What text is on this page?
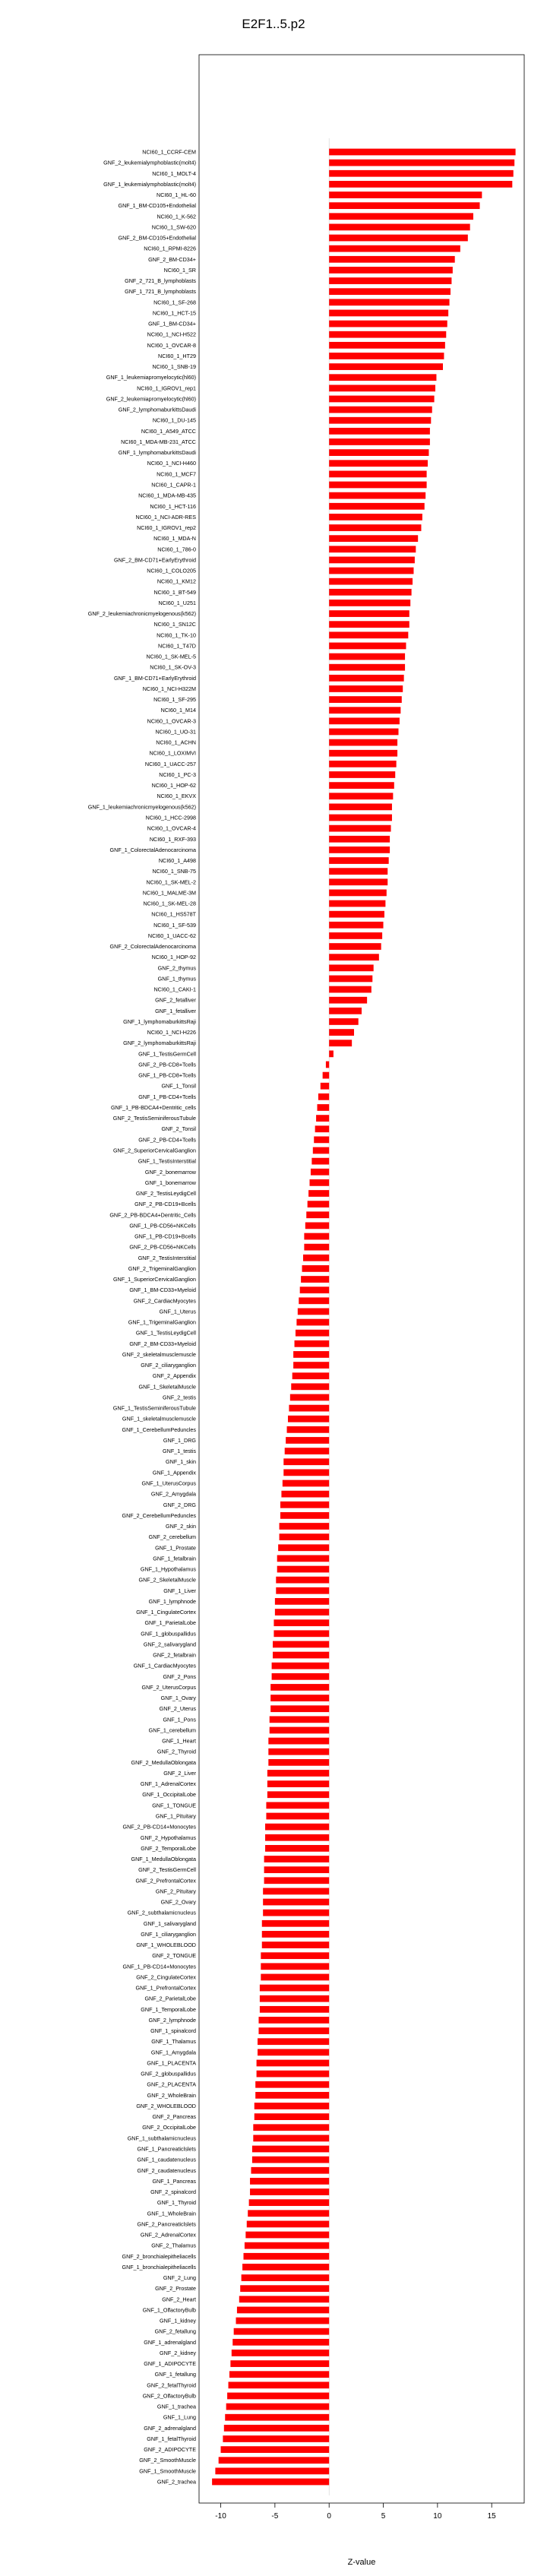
E2F1..5.p2
NCI60_1_CCRF-CEM
GNF_2_leukemialymphoblastic(molt4)
NCI60_1_MOLT-4
GNF_1_leukemialymphoblastic(molt4)
NCI60_1_HL-60
GNF_1_BM-CD105+Endothelial
NCI60_1_K-562
NCI60_1_SW-620
GNF_2_BM-CD105+Endothelial
NCI60_1_RPMI-8226
GNF_2_BM-CD34+
NCI60_1_SR
GNF_2_721_B_lymphoblasts
GNF_1_721_B_lymphoblasts
NCI60_1_SF-268
NCI60_1_HCT-15
GNF_1_BM-CD34+
NCI60_1_NCI-H522
NCI60_1_OVCAR-8
NCI60_1_HT29
NCI60_1_SNB-19
GNF_1_leukemiapromyelocytic(hl60)
NCI60_1_IGROV1_rep1
GNF_2_leukemiapromyelocytic(hl60)
GNF_2_lymphomaburkittsDaudi
NCI60_1_DU-145
NCI60_1_A549_ATCC
NCI60_1_MDA-MB-231_ATCC
GNF_1_lymphomaburkittsDaudi
NCI60_1_NCI-H460
NCI60_1_MCF7
NCI60_1_CAPR-1
NCI60_1_MDA-MB-435
NCI60_1_HCT-116
NCI60_1_NCI-ADR-RES
NCI60_1_IGROV1_rep2
NCI60_1_MDA-N
NCI60_1_786-0
GNF_2_BM-CD71+EarlyErythroid
NCI60_1_COLO205
NCI60_1_KM12
NCI60_1_BT-549
NCI60_1_U251
GNF_2_leukemiachronicmyelogenous(k562)
NCI60_1_SN12C
NCI60_1_TK-10
NCI60_1_T47D
NCI60_1_SK-MEL-5
NCI60_1_SK-OV-3
GNF_1_BM-CD71+EarlyErythroid
NCI60_1_NCI-H322M
NCI60_1_SF-295
NCI60_1_M14
NCI60_1_OVCAR-3
NCI60_1_UO-31
NCI60_1_ACHN
NCI60_1_LOXIMVI
NCI60_1_UACC-257
NCI60_1_PC-3
NCI60_1_HOP-62
NCI60_1_EKVX
GNF_1_leukemiachronicmyelogenous(k562)
NCI60_1_HCC-2998
NCI60_1_OVCAR-4
NCI60_1_RXF-393
GNF_1_ColorectalAdenocarcinoma
NCI60_1_A498
NCI60_1_SNB-75
NCI60_1_SK-MEL-2
NCI60_1_MALME-3M
NCI60_1_SK-MEL-28
NCI60_1_HS578T
NCI60_1_SF-539
NCI60_1_UACC-62
GNF_2_ColorectalAdenocarcinoma
NCI60_1_HOP-92
GNF_2_thymus
GNF_1_thymus
NCI60_1_CAKI-1
GNF_2_fetalliver
GNF_1_fetalliver
GNF_1_lymphomaburkittsRaji
NCI60_1_NCI-H226
GNF_2_lymphomaburkittsRaji
GNF_1_TestisGermCell
GNF_2_PB-CD8+Tcells
GNF_1_PB-CD8+Tcells
GNF_1_Tonsil
GNF_1_PB-CD4+Tcells
GNF_1_PB-BDCA4+Dentritic_cells
GNF_2_TestisSeminiferousTubule
GNF_2_Tonsil
GNF_2_PB-CD4+Tcells
GNF_2_SuperiorCervicalGanglion
GNF_1_TestisInterstitial
GNF_2_bonemarrow
GNF_1_bonemarrow
GNF_2_TestisLeydigCell
GNF_2_PB-CD19+Bcells
GNF_2_PB-BDCA4+Dentritic_Cells
GNF_1_PB-CD56+NKCells
GNF_1_PB-CD19+Bcells
GNF_2_PB-CD56+NKCells
GNF_2_TestisInterstitial
GNF_2_TrigeminalGanglion
GNF_1_SuperiorCervicalGanglion
GNF_1_BM-CD33+Myeloid
GNF_2_CardiacMyocytes
GNF_1_Uterus
GNF_1_TrigeminalGanglion
GNF_1_TestisLeydigCell
GNF_2_BM-CD33+Myeloid
GNF_2_skeletalmusclemuscle
GNF_2_ciliaryganglion
GNF_2_Appendix
GNF_1_SkeletalMuscle
GNF_2_testis
GNF_1_TestisSeminiferousTubule
GNF_1_skeletalmusclemuscle
GNF_1_CerebellumPeduncles
GNF_1_DRG
GNF_1_testis
GNF_1_skin
GNF_1_Appendix
GNF_1_UterusCorpus
GNF_2_Amygdala
GNF_2_DRG
GNF_2_CerebellumPeduncles
GNF_2_skin
GNF_2_cerebellum
GNF_1_Prostate
GNF_1_fetalbrain
GNF_1_Hypothalamus
GNF_2_SkeletalMuscle
GNF_1_Liver
GNF_1_lymphnode
GNF_1_CingulateCortex
GNF_1_ParietalLobe
GNF_1_globuspallidus
GNF_2_salivarygland
GNF_2_fetalbrain
GNF_1_CardiacMyocytes
GNF_2_Pons
GNF_2_UterusCorpus
GNF_1_Ovary
GNF_2_Uterus
GNF_1_Pons
GNF_1_cerebellum
GNF_1_Heart
GNF_2_Thyroid
GNF_2_MedullaOblongata
GNF_2_Liver
GNF_1_AdrenalCortex
GNF_1_OccipitalLobe
GNF_1_TONGUE
GNF_1_Pituitary
GNF_2_PB-CD14+Monocytes
GNF_2_Hypothalamus
GNF_2_TemporalLobe
GNF_1_MedullaOblongata
GNF_2_TestisGermCell
GNF_2_PrefrontalCortex
GNF_2_Pituitary
GNF_2_Ovary
GNF_2_subthalamicnucleus
GNF_1_salivarygland
GNF_1_ciliaryganglion
GNF_1_WHOLEBLOOD
GNF_2_TONGUE
GNF_1_PB-CD14+Monocytes
GNF_2_CingulateCortex
GNF_1_PrefrontalCortex
GNF_2_ParietalLobe
GNF_1_TemporalLobe
GNF_2_lymphnode
GNF_1_spinalcord
GNF_1_Thalamus
GNF_1_Amygdala
GNF_1_PLACENTA
GNF_2_globuspallidus
GNF_2_PLACENTA
GNF_2_WholeBrain
GNF_2_WHOLEBLOOD
GNF_2_Pancreas
GNF_2_OccipitalLobe
GNF_1_subthalamicnucleus
GNF_1_Pancreaticlslets
GNF_1_caudatenucleus
GNF_2_caudatenucleus
GNF_1_Pancreas
GNF_2_spinalcord
GNF_1_Thyroid
GNF_1_WholeBrain
GNF_2_Pancreaticlslets
GNF_2_AdrenalCortex
GNF_2_Thalamus
GNF_2_bronchialepitheliacells
GNF_1_bronchialepitheliacells
GNF_2_Lung
GNF_2_Prostate
GNF_2_Heart
GNF_1_OlfactoryBulb
GNF_1_kidney
GNF_2_fetallung
GNF_1_adrenalgland
GNF_2_kidney
GNF_1_ADIPOCYTE
GNF_1_fetallung
GNF_2_fetalThyroid
GNF_2_OlfactoryBulb
GNF_1_trachea
GNF_1_Lung
GNF_2_adrenalgland
GNF_1_fetalThyroid
GNF_2_ADIPOCYTE
GNF_2_SmoothMuscle
GNF_1_SmoothMuscle
GNF_2_trachea
-10	-5	0	5	10	15
Z-value
